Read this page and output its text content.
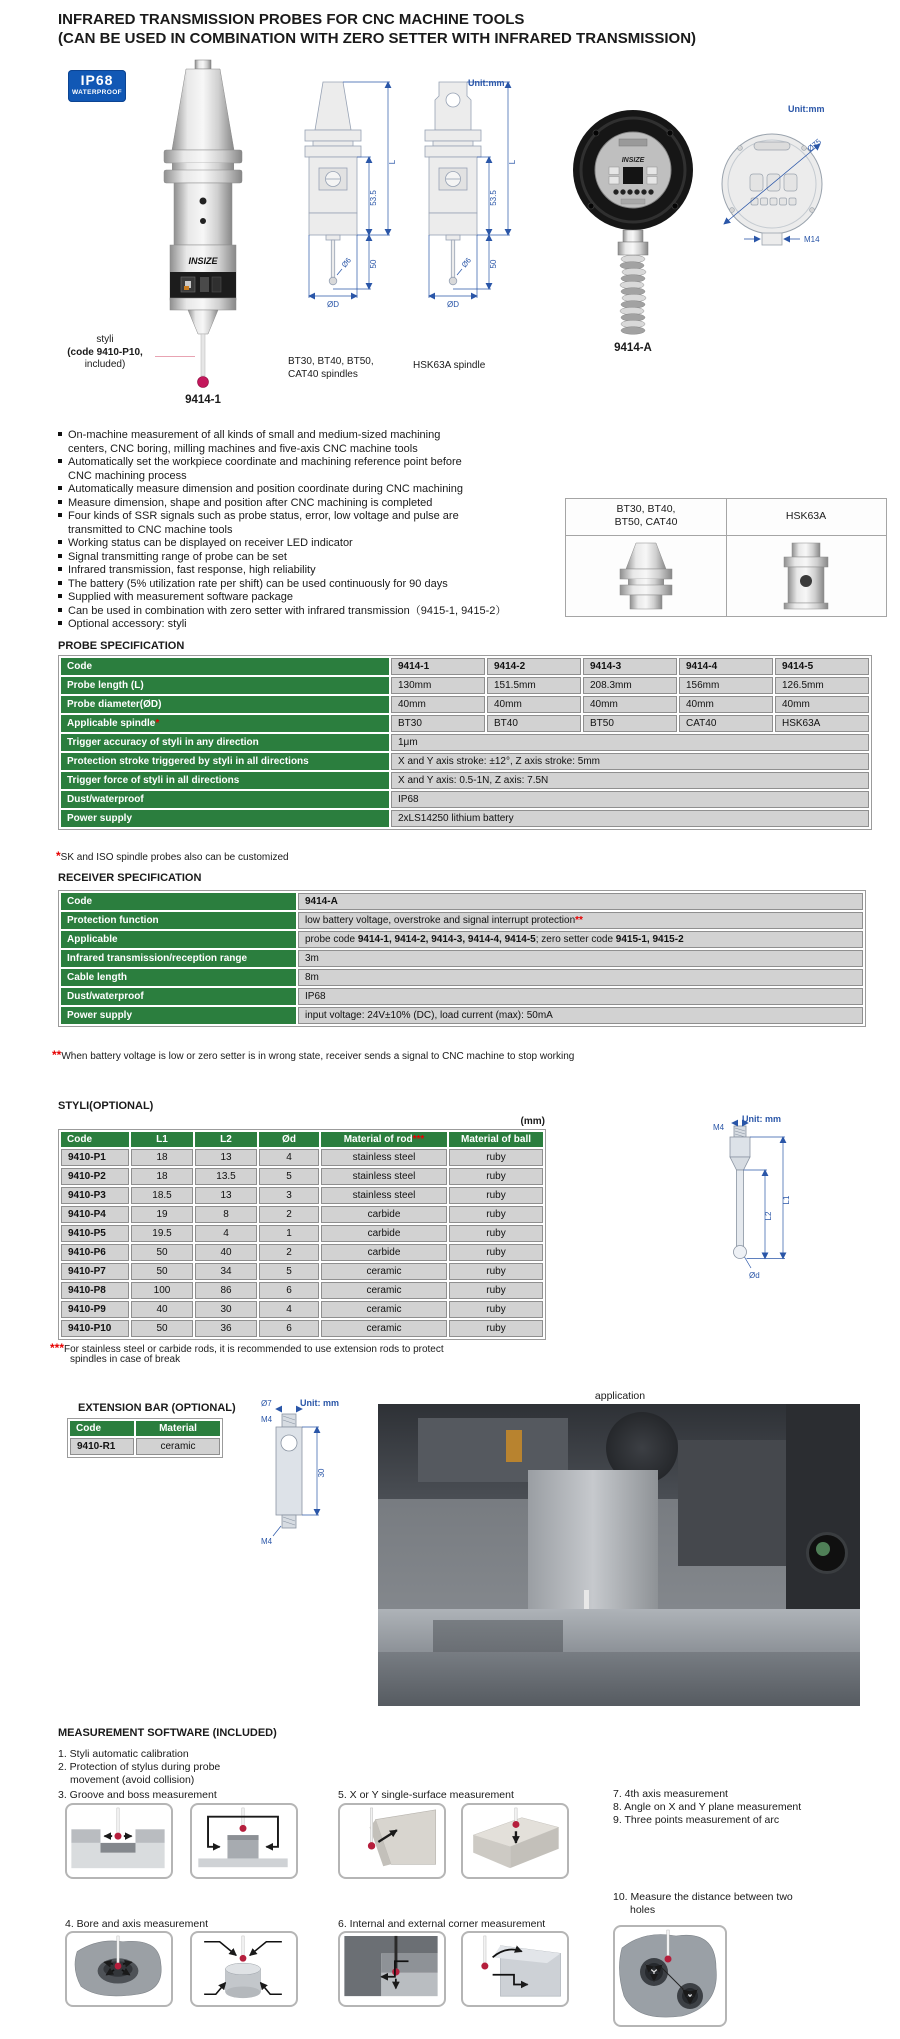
INFRARED TRANSMISSION PROBES FOR CNC MACHINE TOOLS
(CAN BE USED IN COMBINATION WITH ZERO SETTER WITH INFRARED TRANSMISSION)
IP68
WATERPROOF
INSIZE
styli
(code 9410-P10,
included)
9414-1
L
53.5
50
Ø6
ØD
BT30, BT40, BT50,
CAT40 spindles
L
53.5
50
Ø6
ØD
HSK63A spindle
Unit:mm
INSIZE
9414-A
Ø75
M14
Unit:mm
On-machine measurement of all kinds of small and medium-sized machining
centers, CNC boring, milling machines and five-axis CNC machine tools
Automatically set the workpiece coordinate and machining reference point before
CNC machining process
Automatically measure dimension and position coordinate during CNC machining
Measure dimension, shape and position after CNC machining is completed
Four kinds of SSR signals such as probe status, error, low voltage and pulse are
transmitted to CNC machine tools
Working status can be displayed on receiver LED indicator
Signal transmitting range of probe can be set
Infrared transmission, fast response, high reliability
The battery (5% utilization rate per shift) can be used continuously for 90 days
Supplied with measurement software package
Can be used in combination with zero setter with infrared transmission（9415-1, 9415-2）
Optional accessory: styli
BT30, BT40,
BT50, CAT40	HSK63A
PROBE SPECIFICATION
Code	9414-1	9414-2	9414-3	9414-4	9414-5
Probe length (L)	130mm	151.5mm	208.3mm	156mm	126.5mm
Probe diameter(ØD)	40mm	40mm	40mm	40mm	40mm
Applicable spindle*	BT30	BT40	BT50	CAT40	HSK63A
Trigger accuracy of styli in any direction	1μm				
Protection stroke triggered by styli in all directions	X and Y axis stroke: ±12°, Z axis stroke: 5mm				
Trigger force of styli in all directions	X and Y axis: 0.5-1N, Z axis: 7.5N				
Dust/waterproof	IP68				
Power supply	2xLS14250 lithium battery				
*SK and ISO spindle probes also can be customized
RECEIVER SPECIFICATION
Code	9414-A
Protection function	low battery voltage, overstroke and signal interrupt protection**
Applicable	probe code 9414-1, 9414-2, 9414-3, 9414-4, 9414-5; zero setter code 9415-1, 9415-2
Infrared transmission/reception range	3m
Cable length	8m
Dust/waterproof	IP68
Power supply	input voltage: 24V±10% (DC), load current (max): 50mA
**When battery voltage is low or zero setter is in wrong state, receiver sends a signal to CNC machine to stop working
STYLI(OPTIONAL)
(mm)
Code	L1	L2	Ød	Material of rod***	Material of ball
9410-P1	18	13	4	stainless steel	ruby
9410-P2	18	13.5	5	stainless steel	ruby
9410-P3	18.5	13	3	stainless steel	ruby
9410-P4	19	8	2	carbide	ruby
9410-P5	19.5	4	1	carbide	ruby
9410-P6	50	40	2	carbide	ruby
9410-P7	50	34	5	ceramic	ruby
9410-P8	100	86	6	ceramic	ruby
9410-P9	40	30	4	ceramic	ruby
9410-P10	50	36	6	ceramic	ruby
***For stainless steel or carbide rods, it is recommended to use extension rods to protect
spindles in case of break
Unit: mm
M4
L2
L1
Ød
EXTENSION BAR (OPTIONAL)
Code	Material
9410-R1	ceramic
Unit: mm
Ø7
M4
30
M4
application
MEASUREMENT SOFTWARE (INCLUDED)
1. Styli automatic calibration
2. Protection of stylus during probe
movement (avoid collision)
3. Groove and boss measurement	5. X or Y single-surface measurement	7. 4th axis measurement
8. Angle on X and Y plane measurement
9. Three points measurement of arc
4. Bore and axis measurement	6. Internal and external corner measurement
10. Measure the distance between two
holes
